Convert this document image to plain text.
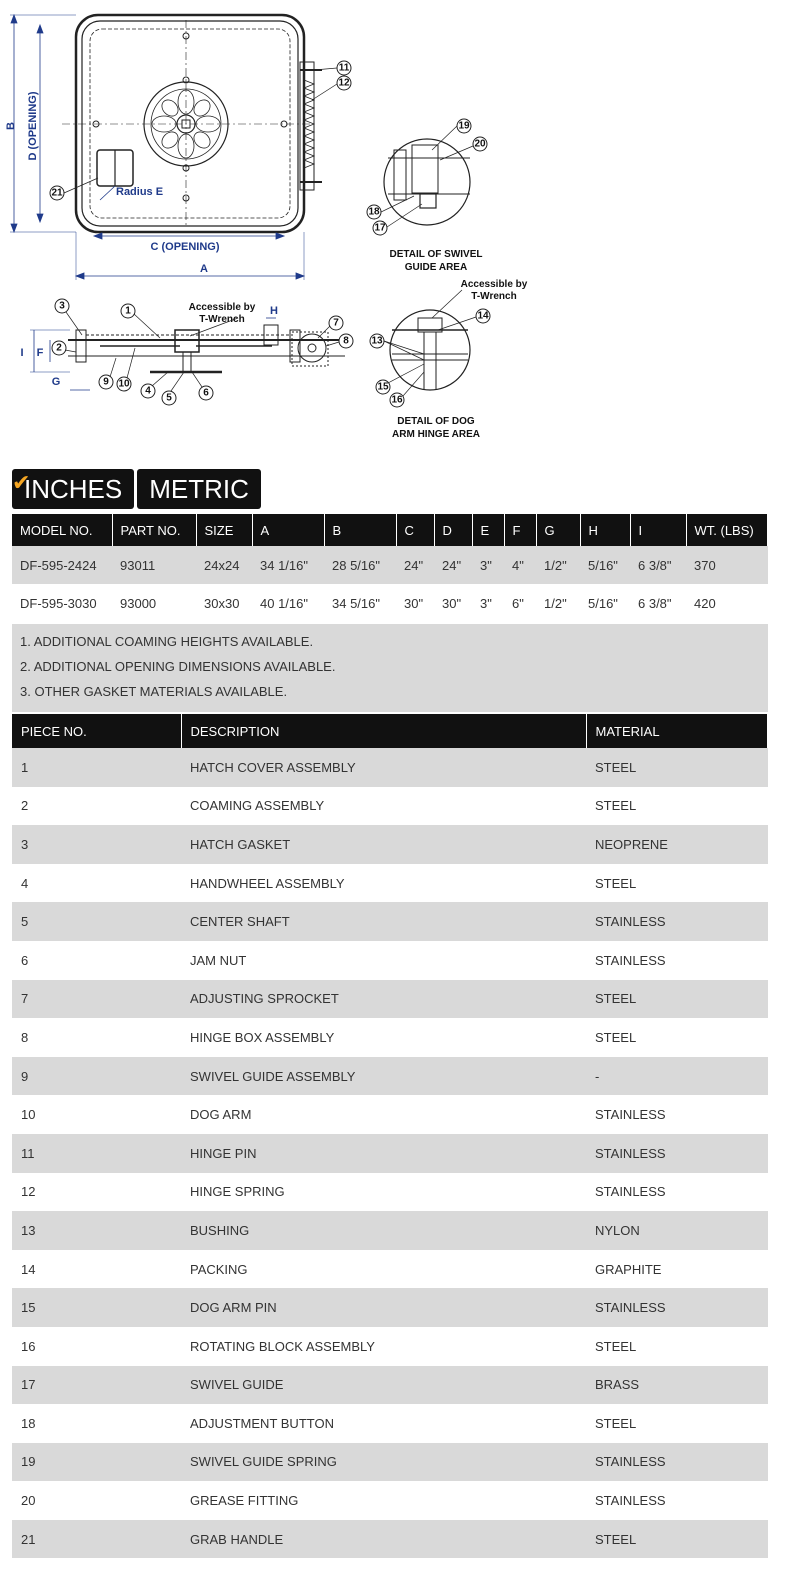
B D (OPENING)
C (OPENING)
A
Radius E
I F
G
H
Accessible by
T-Wrench
DETAIL OF SWIVEL
GUIDE AREA
Accessible by
T-Wrench
DETAIL OF DOG
ARM HINGE AREA
1
2
3
4
5	6
7
8
9 10
11
12
13
14
15
16
17
18
19
20
21
✔
INCHES	METRIC
MODEL NO.	PART NO.	SIZE	A	B	C	D	E	F	G	H	I	WT. (LBS)
DF-595-2424	93011	24x24	34 1/16"	28 5/16"	24"	24"	3"	4"	1/2"	5/16"	6 3/8"	370
DF-595-3030	93000	30x30	40 1/16"	34 5/16"	30"	30"	3"	6"	1/2"	5/16"	6 3/8"	420
1. ADDITIONAL COAMING HEIGHTS AVAILABLE.
2. ADDITIONAL OPENING DIMENSIONS AVAILABLE.
3. OTHER GASKET MATERIALS AVAILABLE.
PIECE NO.	DESCRIPTION	MATERIAL
1	HATCH COVER ASSEMBLY	STEEL
2	COAMING ASSEMBLY	STEEL
3	HATCH GASKET	NEOPRENE
4	HANDWHEEL ASSEMBLY	STEEL
5	CENTER SHAFT	STAINLESS
6	JAM NUT	STAINLESS
7	ADJUSTING SPROCKET	STEEL
8	HINGE BOX ASSEMBLY	STEEL
9	SWIVEL GUIDE ASSEMBLY	-
10	DOG ARM	STAINLESS
11	HINGE PIN	STAINLESS
12	HINGE SPRING	STAINLESS
13	BUSHING	NYLON
14	PACKING	GRAPHITE
15	DOG ARM PIN	STAINLESS
16	ROTATING BLOCK ASSEMBLY	STEEL
17	SWIVEL GUIDE	BRASS
18	ADJUSTMENT BUTTON	STEEL
19	SWIVEL GUIDE SPRING	STAINLESS
20	GREASE FITTING	STAINLESS
21	GRAB HANDLE	STEEL
